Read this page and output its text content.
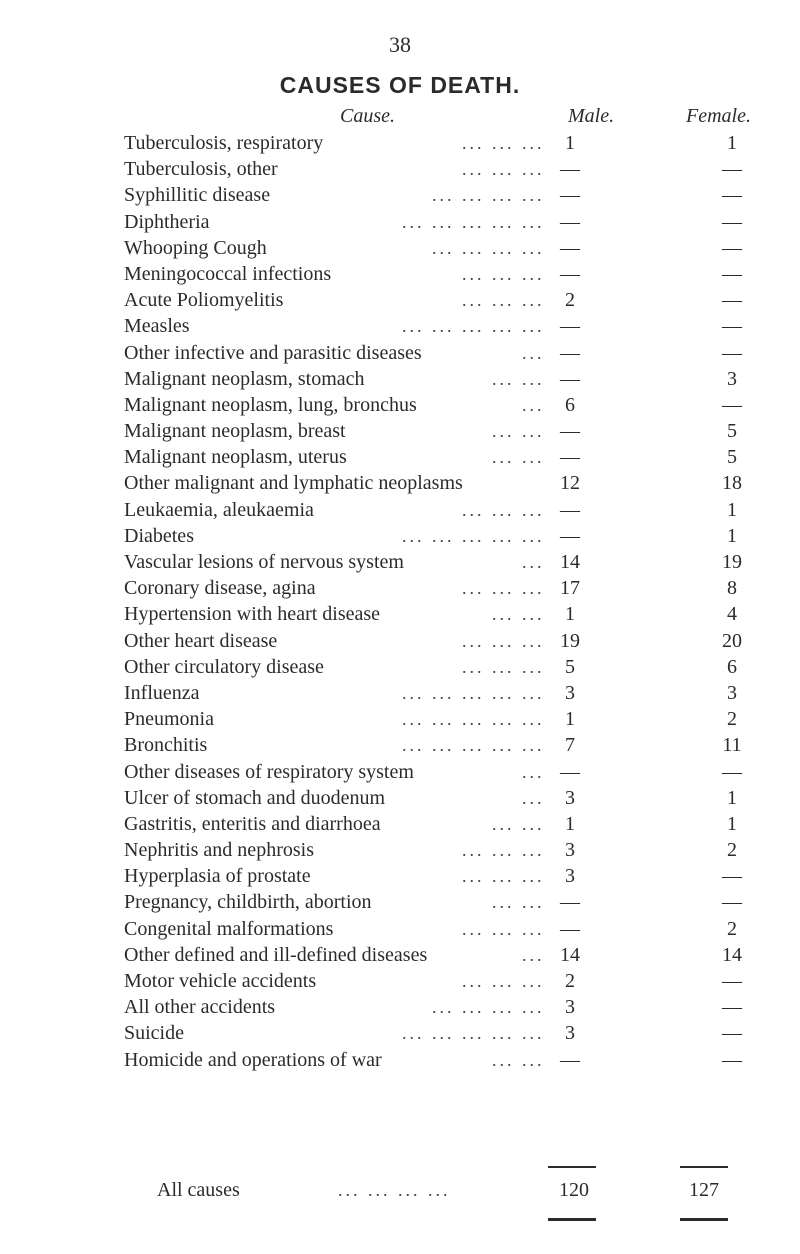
38
CAUSES OF DEATH.
Cause.	Male.	Female.
Tuberculosis, respiratory	... ... ...	1	1
Tuberculosis, other	... ... ... —	—
Syphillitic disease	... ... ... ... —	—
Diphtheria	... ... ... ... ... —	—
Whooping Cough	... ... ... ... —	—
Meningococcal infections	... ... ... —	—
Acute Poliomyelitis	... ... ...	2	—
Measles	... ... ... ... ... —	—
Other infective and parasitic diseases	... —	—
Malignant neoplasm, stomach	... ... —	3
Malignant neoplasm, lung, bronchus	...	6	—
Malignant neoplasm, breast	... ... —	5
Malignant neoplasm, uterus	... ... —	5
Other malignant and lymphatic neoplasms	12	18
Leukaemia, aleukaemia	... ... ... —	1
Diabetes	... ... ... ... ... —	1
Vascular lesions of nervous system	... 14	19
Coronary disease, agina	... ... ... 17	8
Hypertension with heart disease	... ...	1	4
Other heart disease	... ... ... 19	20
Other circulatory disease	... ... ...	5	6
Influenza	... ... ... ... ...	3	3
Pneumonia	... ... ... ... ...	1	2
Bronchitis	... ... ... ... ...	7	11
Other diseases of respiratory system	... —	—
Ulcer of stomach and duodenum	...	3	1
Gastritis, enteritis and diarrhoea	... ...	1	1
Nephritis and nephrosis	... ... ...	3	2
Hyperplasia of prostate	... ... ...	3	—
Pregnancy, childbirth, abortion	... ... —	—
Congenital malformations	... ... ... —	2
Other defined and ill-defined diseases	... 14	14
Motor vehicle accidents	... ... ...	2	—
All other accidents	... ... ... ...	3	—
Suicide	... ... ... ... ...	3	—
Homicide and operations of war	... ... —	—
All causes	... ... ... ...	120	127
